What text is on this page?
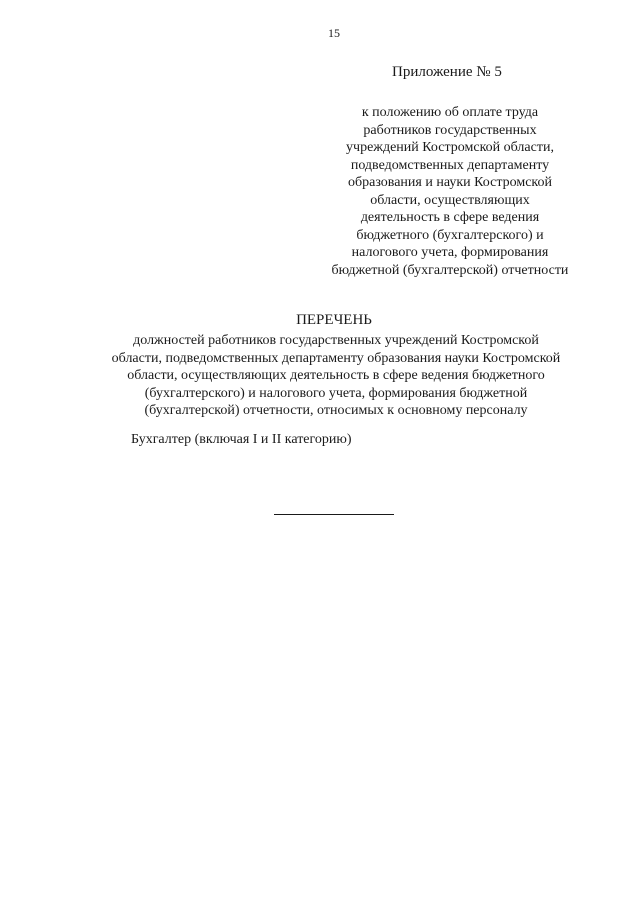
15
Приложение № 5
к положению об оплате труда
работников государственных
учреждений Костромской области,
подведомственных департаменту
образования и науки Костромской
области, осуществляющих
деятельность в сфере ведения
бюджетного (бухгалтерского) и
налогового учета, формирования
бюджетной (бухгалтерской) отчетности
ПЕРЕЧЕНЬ
должностей работников государственных учреждений Костромской
области, подведомственных департаменту образования науки Костромской
области, осуществляющих деятельность в сфере ведения бюджетного
(бухгалтерского) и налогового учета, формирования бюджетной
(бухгалтерской) отчетности, относимых к основному персоналу
Бухгалтер (включая I и II категорию)
